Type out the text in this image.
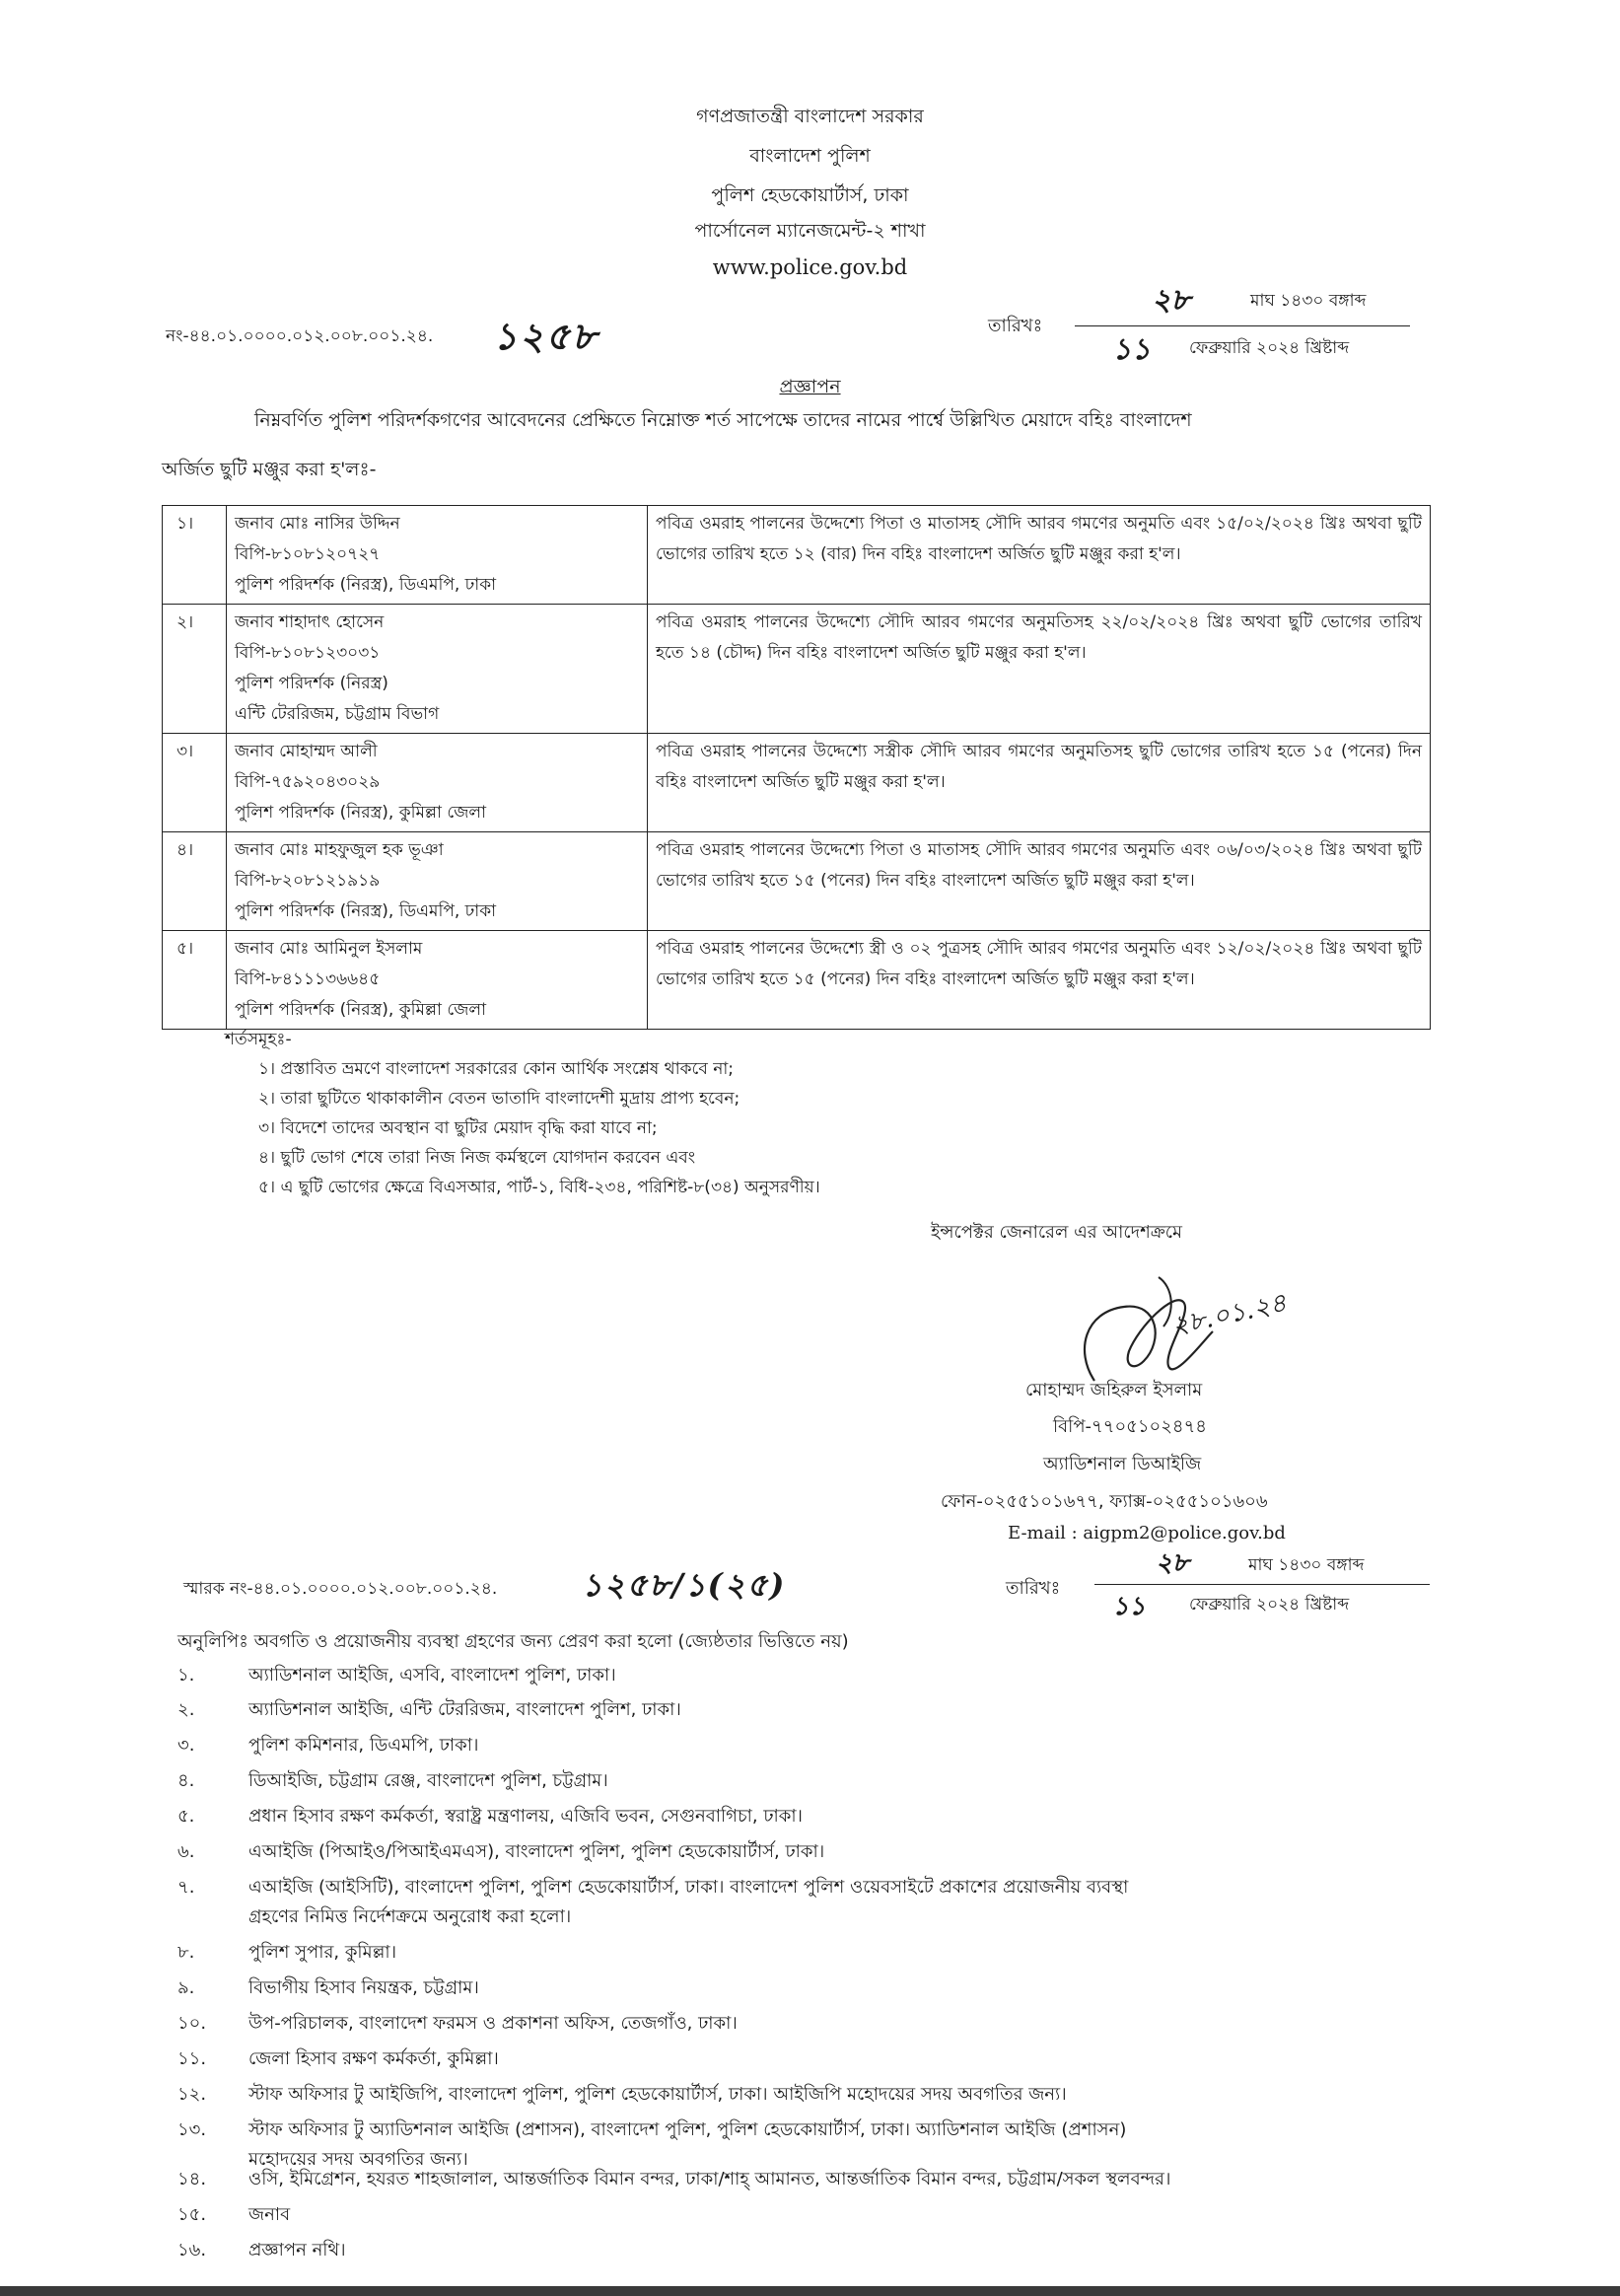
গণপ্রজাতন্ত্রী বাংলাদেশ সরকার
বাংলাদেশ পুলিশ
পুলিশ হেডকোয়ার্টার্স, ঢাকা
পার্সোনেল ম্যানেজমেন্ট-২ শাখা
www.police.gov.bd
নং-৪৪.০১.০০০০.০১২.০০৮.০০১.২৪. ১২৫৮	তারিখঃ
২৮	মাঘ ১৪৩০ বঙ্গাব্দ
১১ ফেব্রুয়ারি ২০২৪ খ্রিষ্টাব্দ
প্রজ্ঞাপন
নিম্নবর্ণিত পুলিশ পরিদর্শকগণের আবেদনের প্রেক্ষিতে নিম্নোক্ত শর্ত সাপেক্ষে তাদের নামের পার্শ্বে উল্লিখিত মেয়াদে বহিঃ বাংলাদেশ
অর্জিত ছুটি মঞ্জুর করা হ'লঃ-
১।	জনাব মোঃ নাসির উদ্দিন
বিপি-৮১০৮১২০৭২৭
পুলিশ পরিদর্শক (নিরস্ত্র), ডিএমপি, ঢাকা	পবিত্র ওমরাহ পালনের উদ্দেশ্যে পিতা ও মাতাসহ সৌদি আরব গমণের অনুমতি এবং ১৫/০২/২০২৪ খ্রিঃ অথবা ছুটি ভোগের তারিখ হতে ১২ (বার) দিন বহিঃ বাংলাদেশ অর্জিত ছুটি মঞ্জুর করা হ'ল।
২।	জনাব শাহাদাৎ হোসেন
বিপি-৮১০৮১২৩০৩১
পুলিশ পরিদর্শক (নিরস্ত্র)
এন্টি টেররিজম, চট্টগ্রাম বিভাগ	পবিত্র ওমরাহ পালনের উদ্দেশ্যে সৌদি আরব গমণের অনুমতিসহ ২২/০২/২০২৪ খ্রিঃ অথবা ছুটি ভোগের তারিখ হতে ১৪ (চৌদ্দ) দিন বহিঃ বাংলাদেশ অর্জিত ছুটি মঞ্জুর করা হ'ল।
৩।	জনাব মোহাম্মদ আলী
বিপি-৭৫৯২০৪৩০২৯
পুলিশ পরিদর্শক (নিরস্ত্র), কুমিল্লা জেলা	পবিত্র ওমরাহ পালনের উদ্দেশ্যে সস্ত্রীক সৌদি আরব গমণের অনুমতিসহ ছুটি ভোগের তারিখ হতে ১৫ (পনের) দিন বহিঃ বাংলাদেশ অর্জিত ছুটি মঞ্জুর করা হ'ল।
৪।	জনাব মোঃ মাহফুজুল হক ভূঞা
বিপি-৮২০৮১২১৯১৯
পুলিশ পরিদর্শক (নিরস্ত্র), ডিএমপি, ঢাকা	পবিত্র ওমরাহ পালনের উদ্দেশ্যে পিতা ও মাতাসহ সৌদি আরব গমণের অনুমতি এবং ০৬/০৩/২০২৪ খ্রিঃ অথবা ছুটি ভোগের তারিখ হতে ১৫ (পনের) দিন বহিঃ বাংলাদেশ অর্জিত ছুটি মঞ্জুর করা হ'ল।
৫।	জনাব মোঃ আমিনুল ইসলাম
বিপি-৮৪১১১৩৬৬৪৫
পুলিশ পরিদর্শক (নিরস্ত্র), কুমিল্লা জেলা	পবিত্র ওমরাহ পালনের উদ্দেশ্যে স্ত্রী ও ০২ পুত্রসহ সৌদি আরব গমণের অনুমতি এবং ১২/০২/২০২৪ খ্রিঃ অথবা ছুটি ভোগের তারিখ হতে ১৫ (পনের) দিন বহিঃ বাংলাদেশ অর্জিত ছুটি মঞ্জুর করা হ'ল।
শর্তসমূহঃ-
১। প্রস্তাবিত ভ্রমণে বাংলাদেশ সরকারের কোন আর্থিক সংশ্লেষ থাকবে না;
২। তারা ছুটিতে থাকাকালীন বেতন ভাতাদি বাংলাদেশী মুদ্রায় প্রাপ্য হবেন;
৩। বিদেশে তাদের অবস্থান বা ছুটির মেয়াদ বৃদ্ধি করা যাবে না;
৪। ছুটি ভোগ শেষে তারা নিজ নিজ কর্মস্থলে যোগদান করবেন এবং
৫। এ ছুটি ভোগের ক্ষেত্রে বিএসআর, পার্ট-১, বিধি-২৩৪, পরিশিষ্ট-৮(৩৪) অনুসরণীয়।
ইন্সপেক্টর জেনারেল এর আদেশক্রমে
২৮.০১.২৪
মোহাম্মদ জহিরুল ইসলাম
বিপি-৭৭০৫১০২৪৭৪
অ্যাডিশনাল ডিআইজি
ফোন-০২৫৫১০১৬৭৭, ফ্যাক্স-০২৫৫১০১৬০৬
E-mail : aigpm2@police.gov.bd
স্মারক নং-৪৪.০১.০০০০.০১২.০০৮.০০১.২৪.	১২৫৮/১(২৫)	তারিখঃ
২৮	মাঘ ১৪৩০ বঙ্গাব্দ
১১	ফেব্রুয়ারি ২০২৪ খ্রিষ্টাব্দ
অনুলিপিঃ অবগতি ও প্রয়োজনীয় ব্যবস্থা গ্রহণের জন্য প্রেরণ করা হলো (জ্যেষ্ঠতার ভিত্তিতে নয়)
১.	অ্যাডিশনাল আইজি, এসবি, বাংলাদেশ পুলিশ, ঢাকা।
২.	অ্যাডিশনাল আইজি, এন্টি টেররিজম, বাংলাদেশ পুলিশ, ঢাকা।
৩.	পুলিশ কমিশনার, ডিএমপি, ঢাকা।
৪.	ডিআইজি, চট্টগ্রাম রেঞ্জ, বাংলাদেশ পুলিশ, চট্টগ্রাম।
৫.	প্রধান হিসাব রক্ষণ কর্মকর্তা, স্বরাষ্ট্র মন্ত্রণালয়, এজিবি ভবন, সেগুনবাগিচা, ঢাকা।
৬.	এআইজি (পিআইও/পিআইএমএস), বাংলাদেশ পুলিশ, পুলিশ হেডকোয়ার্টার্স, ঢাকা।
৭.	এআইজি (আইসিটি), বাংলাদেশ পুলিশ, পুলিশ হেডকোয়ার্টার্স, ঢাকা। বাংলাদেশ পুলিশ ওয়েবসাইটে প্রকাশের প্রয়োজনীয় ব্যবস্থা
গ্রহণের নিমিত্ত নির্দেশক্রমে অনুরোধ করা হলো।
৮.	পুলিশ সুপার, কুমিল্লা।
৯.	বিভাগীয় হিসাব নিয়ন্ত্রক, চট্টগ্রাম।
১০. উপ-পরিচালক, বাংলাদেশ ফরমস ও প্রকাশনা অফিস, তেজগাঁও, ঢাকা।
১১. জেলা হিসাব রক্ষণ কর্মকর্তা, কুমিল্লা।
১২. স্টাফ অফিসার টু আইজিপি, বাংলাদেশ পুলিশ, পুলিশ হেডকোয়ার্টার্স, ঢাকা। আইজিপি মহোদয়ের সদয় অবগতির জন্য।
১৩. স্টাফ অফিসার টু অ্যাডিশনাল আইজি (প্রশাসন), বাংলাদেশ পুলিশ, পুলিশ হেডকোয়ার্টার্স, ঢাকা। অ্যাডিশনাল আইজি (প্রশাসন)
মহোদয়ের সদয় অবগতির জন্য।
১৪. ওসি, ইমিগ্রেশন, হযরত শাহজালাল, আন্তর্জাতিক বিমান বন্দর, ঢাকা/শাহ্ আমানত, আন্তর্জাতিক বিমান বন্দর, চট্টগ্রাম/সকল স্থলবন্দর।
১৫. জনাব
১৬. প্রজ্ঞাপন নথি।
